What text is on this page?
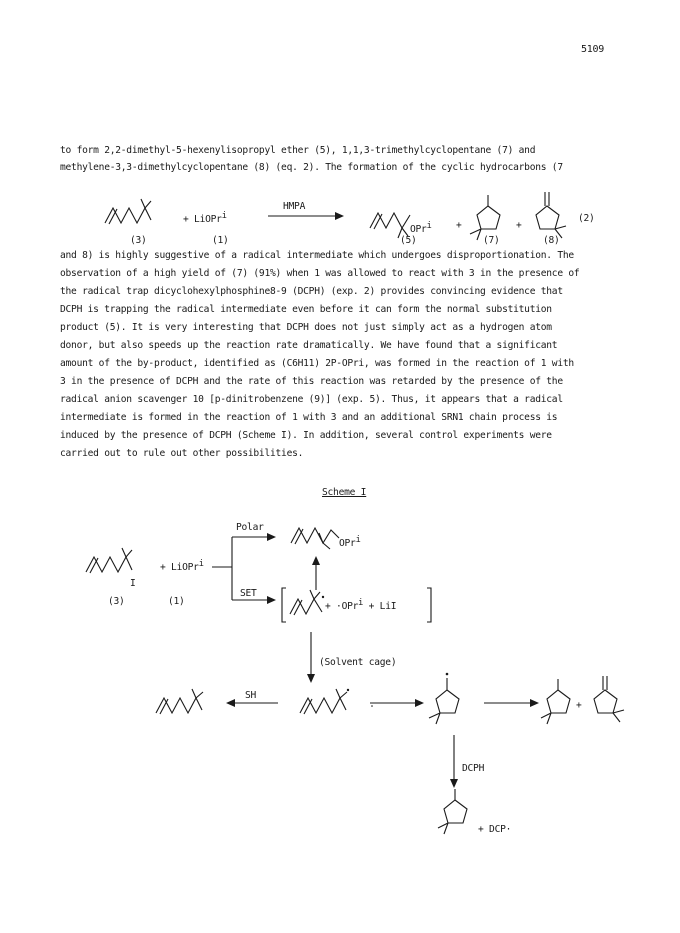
5109
to form 2,2-dimethyl-5-hexenylisopropyl ether (5), 1,1,3-trimethylcyclopentane (7) and
methylene-3,3-dimethylcyclopentane (8) (eq. 2). The formation of the cyclic hydrocarbons (7
and 8) is highly suggestive of a radical intermediate which undergoes disproportionation. The
observation of a high yield of (7) (91%) when 1 was allowed to react with 3 in the presence of
the radical trap dicyclohexylphosphine8-9 (DCPH) (exp. 2) provides convincing evidence that
DCPH is trapping the radical intermediate even before it can form the normal substitution
product (5). It is very interesting that DCPH does not just simply act as a hydrogen atom
donor, but also speeds up the reaction rate dramatically. We have found that a significant
amount of the by-product, identified as (C6H11) 2P-OPri, was formed in the reaction of 1 with
3 in the presence of DCPH and the rate of this reaction was retarded by the presence of the
radical anion scavenger 10 [p-dinitrobenzene (9)] (exp. 5). Thus, it appears that a radical
intermediate is formed in the reaction of 1 with 3 and an additional SRN1 chain process is
induced by the presence of DCPH (Scheme I). In addition, several control experiments were
carried out to rule out other possibilities.
+ LiOPr$^i$
HMPA
OPr$^i$	+	+
(2)
(3)	(1)	(5)	(7)	(8)
Scheme I
+ LiOPr$^i$
I
(3)	(1)
Polar
SET
OPr$^i$
+ ·OPr$^i$ + LiI
(Solvent cage)
SH
+
DCPH
+ DCP·
